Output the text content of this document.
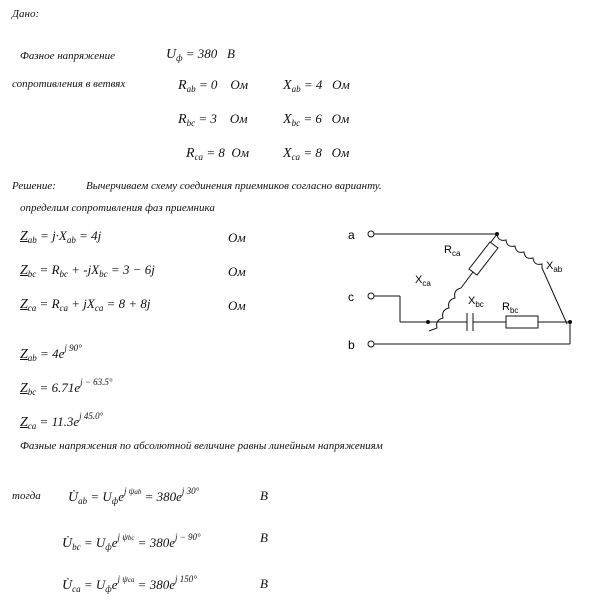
Дано:
Фазное напряжение	$U_ф = 380$ В
сопротивления в ветвях	$R_{ab} = 0$ Ом $X_{ab} = 4$ Ом
$R_{bc} = 3$ Ом	$X_{bc} = 6$ Ом
$R_{ca} = 8$ Ом $X_{ca} = 8$ Ом
Решение:	Вычерчиваем схему соединения приемников согласно варианту.
определим сопротивления фаз приемника
$Z_{ab} = j\cdot X_{ab} = 4j$	Ом
$Z_{bc} = R_{bc} + -jX_{bc} = 3 - 6j$	Ом
$Z_{ca} = R_{ca} + jX_{ca} = 8 + 8j$	Ом
$Z_{ab} = 4e^{j 90^\circ}$
$Z_{bc} = 6.71e^{j - 63.5^\circ}$
$Z_{ca} = 11.3e^{j 45.0^\circ}$
Фазные напряжения по абсолютной величине равны линейным напряжениям
тогда $U̇_{ab} = U_фe^{j \psi ab} = 380e^{j 30^\circ}$	В
$U̇_{bc} = U_фe^{j \psi bc} = 380e^{j - 90^\circ}$	В
$U̇_{ca} = U_фe^{j \psi ca} = 380e^{j 150^\circ}$	В
a
c
b
$R_{ca}$
$X_{ca}$
$X_{ab}$
$X_{bc}$ $R_{bc}$
